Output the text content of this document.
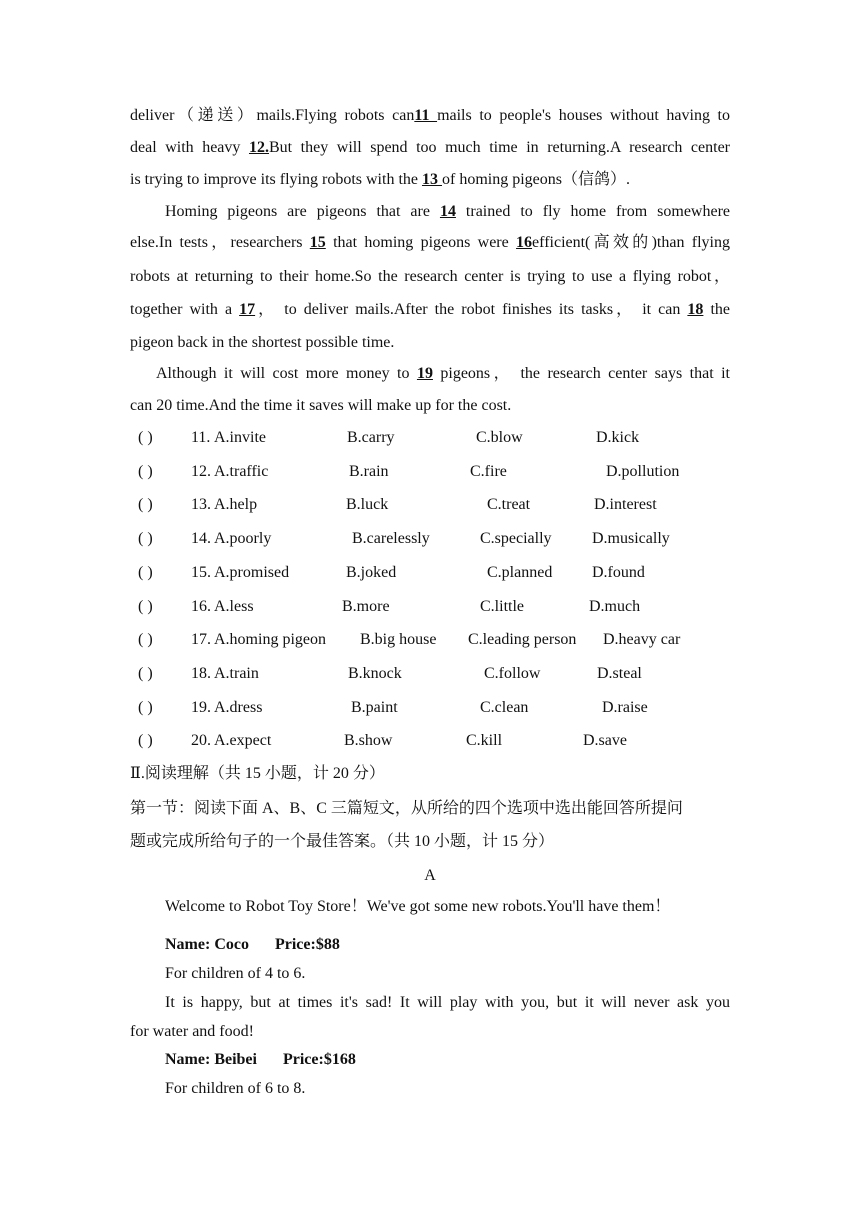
deliver（递送）mails.Flying robots can11 mails to people's houses without having to
deal with heavy 12.But they will spend too much time in returning.A research center
is trying to improve its flying robots with the 13 of homing pigeons（信鸽）.
Homing pigeons are pigeons that are 14 trained to fly home from somewhere
else.In tests，researchers 15 that homing pigeons were 16efficient(高效的)than flying
robots at returning to their home.So the research center is trying to use a flying robot，
together with a 17， to deliver mails.After the robot finishes its tasks， it can 18 the
pigeon back in the shortest possible time.
Although it will cost more money to 19 pigeons， the research center says that it
can 20 time.And the time it saves will make up for the cost.
( ) 11. A.invite	B.carry	C.blow	D.kick
( ) 12. A.traffic	B.rain	C.fire	D.pollution
( ) 13. A.help	B.luck	C.treat	D.interest
( ) 14. A.poorly	B.carelessly	C.specially	D.musically
( ) 15. A.promised	B.joked	C.planned D.found
( ) 16. A.less	B.more	C.little	D.much
( ) 17. A.homing pigeon B.big house C.leading person D.heavy car
( ) 18. A.train	B.knock	C.follow	D.steal
( ) 19. A.dress	B.paint	C.clean	D.raise
( ) 20. A.expect	B.show	C.kill	D.save
Ⅱ.阅读理解（共 15 小题，计 20 分）
第一节：阅读下面 A、B、C 三篇短文，从所给的四个选项中选出能回答所提问
题或完成所给句子的一个最佳答案。（共 10 小题，计 15 分）
A
Welcome to Robot Toy Store！We've got some new robots.You'll have them！
Name: Coco Price:$88
For children of 4 to 6.
It is happy, but at times it's sad! It will play with you, but it will never ask you
for water and food!
Name: Beibei Price:$168
For children of 6 to 8.
